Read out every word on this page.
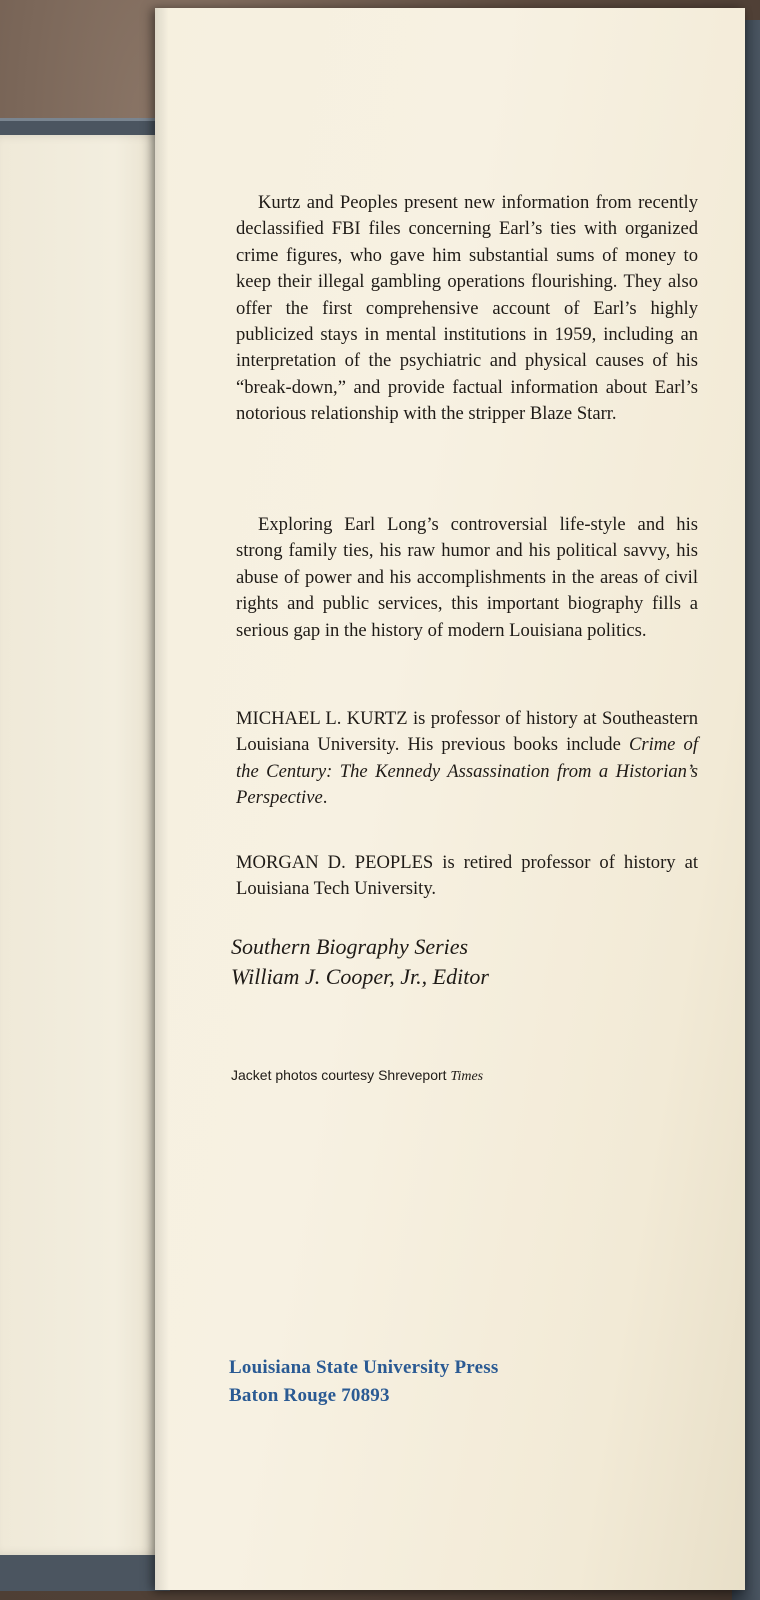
Kurtz and Peoples present new information from recently declassified FBI files concerning Earl’s ties with organized crime figures, who gave him substantial sums of money to keep their illegal gambling operations flourishing. They also offer the first comprehensive account of Earl’s highly publicized stays in mental institutions in 1959, including an interpretation of the psychiatric and physical causes of his “break-down,” and provide factual information about Earl’s notorious relationship with the stripper Blaze Starr.

Exploring Earl Long’s controversial life-style and his strong family ties, his raw humor and his political savvy, his abuse of power and his accomplishments in the areas of civil rights and public services, this important biography fills a serious gap in the history of modern Louisiana politics.

MICHAEL L. KURTZ is professor of history at Southeastern Louisiana University. His previous books include Crime of the Century: The Kennedy Assassination from a Historian’s Perspective.

MORGAN D. PEOPLES is retired professor of history at Louisiana Tech University.

Southern Biography Series
William J. Cooper, Jr., Editor
Jacket photos courtesy Shreveport Times
Louisiana State University Press
Baton Rouge 70893
